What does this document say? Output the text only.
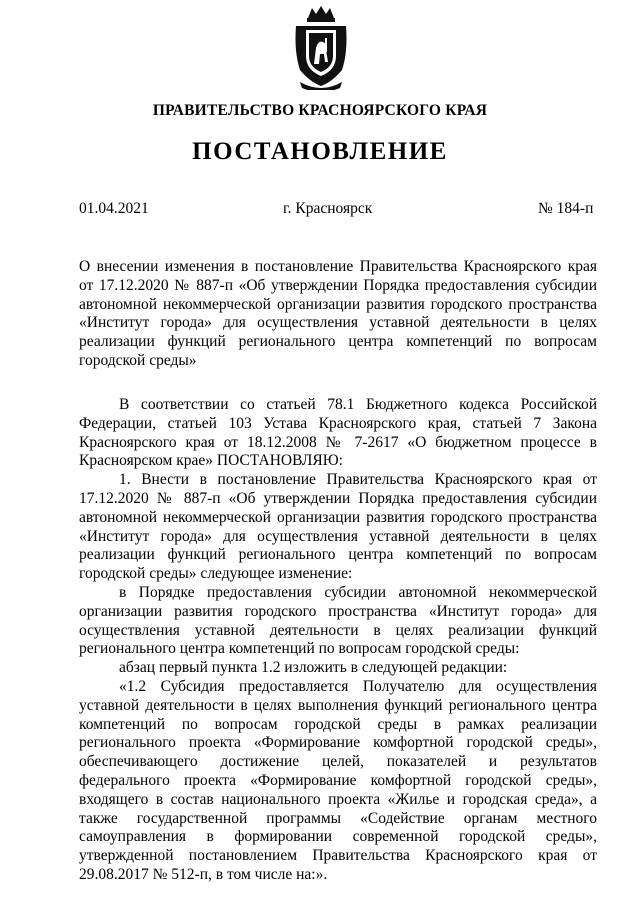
ПРАВИТЕЛЬСТВО КРАСНОЯРСКОГО КРАЯ
ПОСТАНОВЛЕНИЕ
01.04.2021	г. Красноярск	№ 184-п
О внесении изменения в постановление Правительства Красноярского края от 17.12.2020 № 887-п «Об утверждении Порядка предоставления субсидии автономной некоммерческой организации развития городского пространства «Институт города» для осуществления уставной деятельности в целях реализации функций регионального центра компетенций по вопросам городской среды»

В соответствии со статьей 78.1 Бюджетного кодекса Российской Федерации, статьей 103 Устава Красноярского края, статьей 7 Закона Красноярского края от 18.12.2008 № 7-2617 «О бюджетном процессе в Красноярском крае» ПОСТАНОВЛЯЮ:

1. Внести в постановление Правительства Красноярского края от 17.12.2020 № 887-п «Об утверждении Порядка предоставления субсидии автономной некоммерческой организации развития городского пространства «Институт города» для осуществления уставной деятельности в целях реализации функций регионального центра компетенций по вопросам городской среды» следующее изменение:

в Порядке предоставления субсидии автономной некоммерческой организации развития городского пространства «Институт города» для осуществления уставной деятельности в целях реализации функций регионального центра компетенций по вопросам городской среды:

абзац первый пункта 1.2 изложить в следующей редакции:

«1.2 Субсидия предоставляется Получателю для осуществления уставной деятельности в целях выполнения функций регионального центра компетенций по вопросам городской среды в рамках реализации регионального проекта «Формирование комфортной городской среды», обеспечивающего достижение целей, показателей и результатов федерального проекта «Формирование комфортной городской среды», входящего в состав национального проекта «Жилье и городская среда», а также государственной программы «Содействие органам местного самоуправления в формировании современной городской среды», утвержденной постановлением Правительства Красноярского края от 29.08.2017 № 512-п, в том числе на:».
